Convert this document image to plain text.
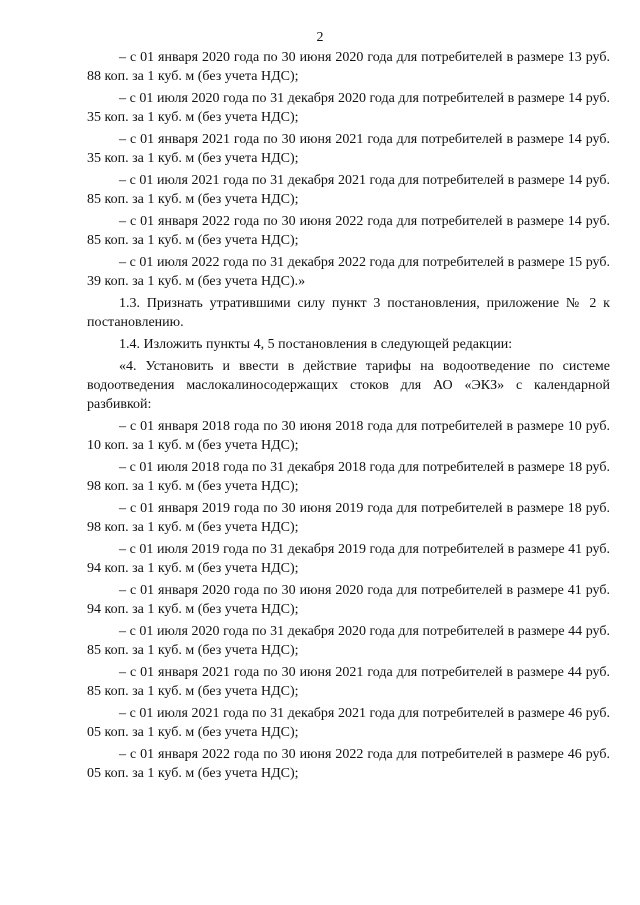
2

– с 01 января 2020 года по 30 июня 2020 года для потребителей в размере 13 руб. 88 коп. за 1 куб. м (без учета НДС);

– с 01 июля 2020 года по 31 декабря 2020 года для потребителей в размере 14 руб. 35 коп. за 1 куб. м (без учета НДС);

– с 01 января 2021 года по 30 июня 2021 года для потребителей в размере 14 руб. 35 коп. за 1 куб. м (без учета НДС);

– с 01 июля 2021 года по 31 декабря 2021 года для потребителей в размере 14 руб. 85 коп. за 1 куб. м (без учета НДС);

– с 01 января 2022 года по 30 июня 2022 года для потребителей в размере 14 руб. 85 коп. за 1 куб. м (без учета НДС);

– с 01 июля 2022 года по 31 декабря 2022 года для потребителей в размере 15 руб. 39 коп. за 1 куб. м (без учета НДС).»

1.3. Признать утратившими силу пункт 3 постановления, приложение № 2 к постановлению.

1.4. Изложить пункты 4, 5 постановления в следующей редакции:

«4. Установить и ввести в действие тарифы на водоотведение по системе водоотведения маслокалиносодержащих стоков для АО «ЭКЗ» с календарной разбивкой:

– с 01 января 2018 года по 30 июня 2018 года для потребителей в размере 10 руб. 10 коп. за 1 куб. м (без учета НДС);

– с 01 июля 2018 года по 31 декабря 2018 года для потребителей в размере 18 руб. 98 коп. за 1 куб. м (без учета НДС);

– с 01 января 2019 года по 30 июня 2019 года для потребителей в размере 18 руб. 98 коп. за 1 куб. м (без учета НДС);

– с 01 июля 2019 года по 31 декабря 2019 года для потребителей в размере 41 руб. 94 коп. за 1 куб. м (без учета НДС);

– с 01 января 2020 года по 30 июня 2020 года для потребителей в размере 41 руб. 94 коп. за 1 куб. м (без учета НДС);

– с 01 июля 2020 года по 31 декабря 2020 года для потребителей в размере 44 руб. 85 коп. за 1 куб. м (без учета НДС);

– с 01 января 2021 года по 30 июня 2021 года для потребителей в размере 44 руб. 85 коп. за 1 куб. м (без учета НДС);

– с 01 июля 2021 года по 31 декабря 2021 года для потребителей в размере 46 руб. 05 коп. за 1 куб. м (без учета НДС);

– с 01 января 2022 года по 30 июня 2022 года для потребителей в размере 46 руб. 05 коп. за 1 куб. м (без учета НДС);
